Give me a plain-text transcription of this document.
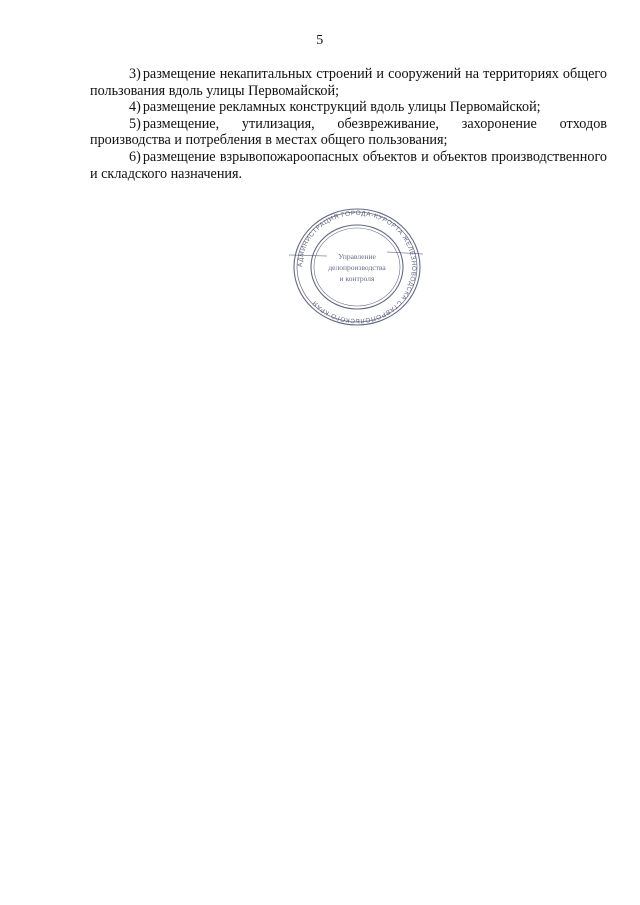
5

3) размещение некапитальных строений и сооружений на территориях общего пользования вдоль улицы Первомайской;

4) размещение рекламных конструкций вдоль улицы Первомайской;

5) размещение, утилизация, обезвреживание, захоронение отходов производства и потребления в местах общего пользования;

6) размещение взрывопожароопасных объектов и объектов производственного и складского назначения.

АДМИНИСТРАЦИЯ ГОРОДА-КУРОРТА ЖЕЛЕЗНОВОДСКА СТАВРОПОЛЬСКОГО КРАЯ
Управление
делопроизводства
и контроля
